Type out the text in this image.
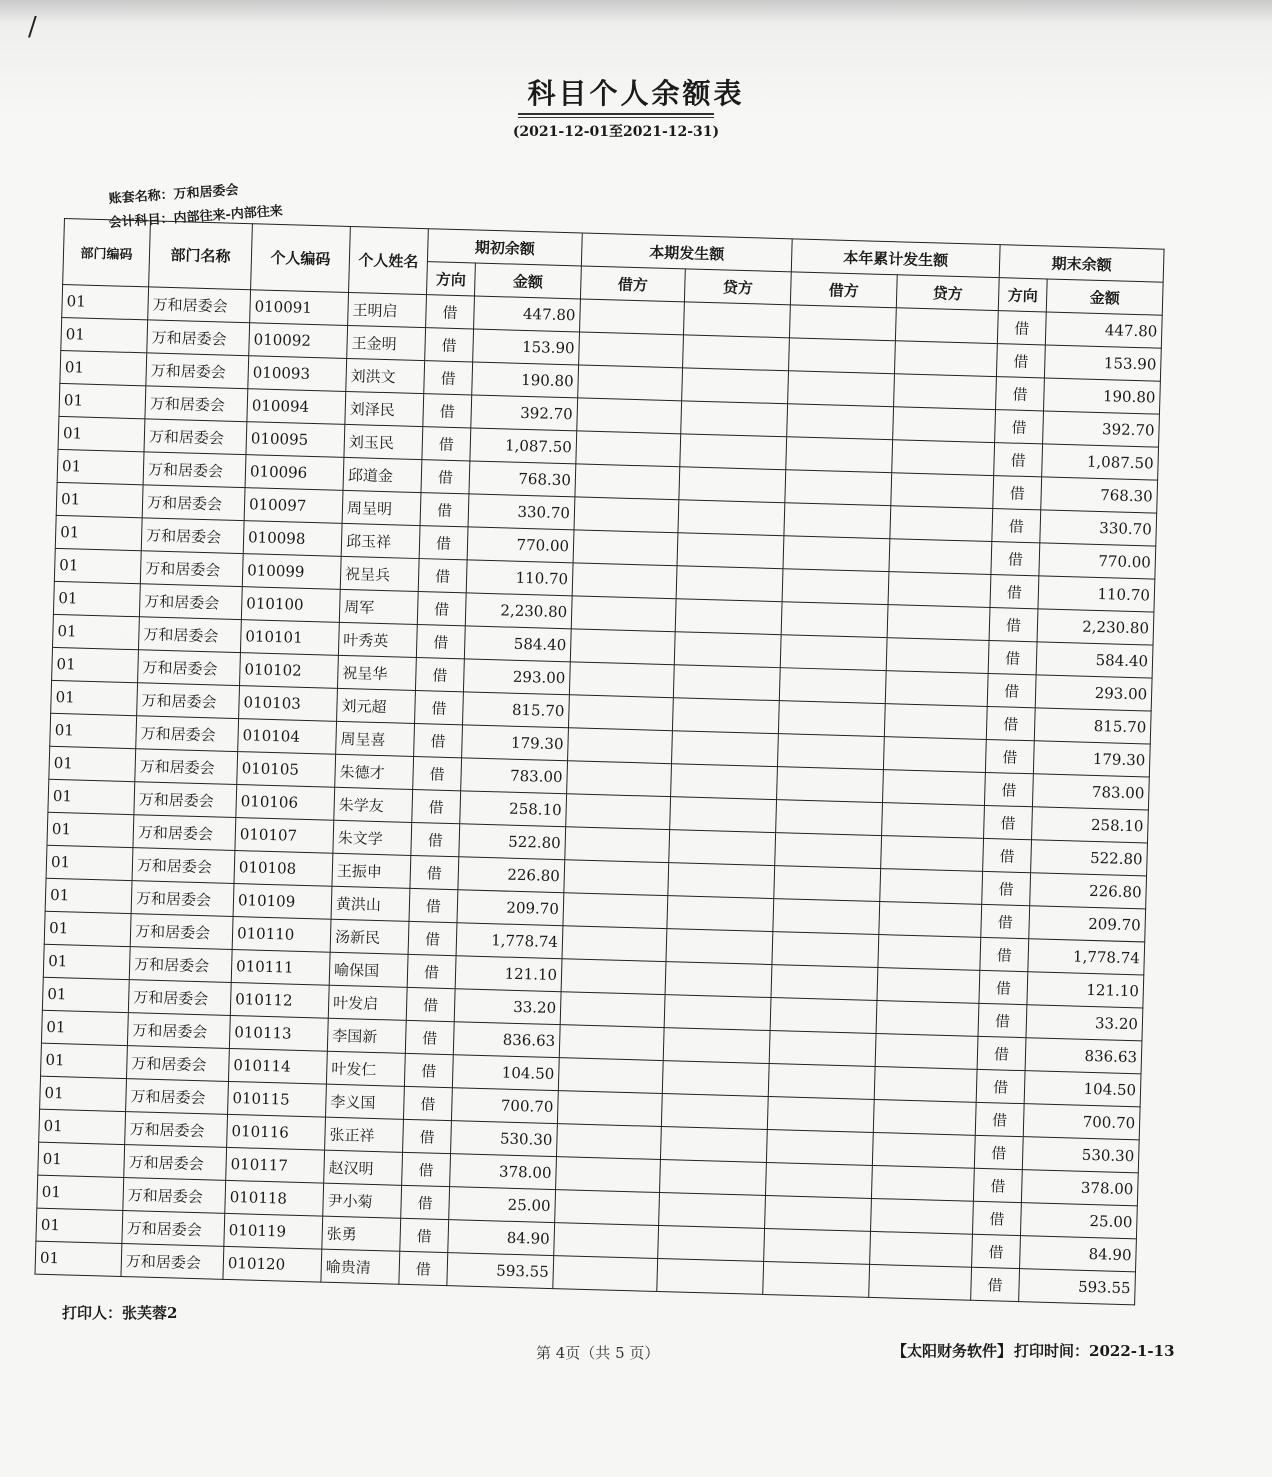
/
科目个人余额表
(2021-12-01至2021-12-31)
账套名称：万和居委会
会计科目：内部往来-内部往来
部门编码	部门名称	个人编码	个人姓名	期初余额		本期发生额		本年累计发生额		期末余额	
				方向	金额	借方	贷方	借方	贷方	方向	金额
01	万和居委会	010091	王明启	借	447.80					借	447.80
01	万和居委会	010092	王金明	借	153.90					借	153.90
01	万和居委会	010093	刘洪文	借	190.80					借	190.80
01	万和居委会	010094	刘泽民	借	392.70					借	392.70
01	万和居委会	010095	刘玉民	借	1,087.50					借	1,087.50
01	万和居委会	010096	邱道金	借	768.30					借	768.30
01	万和居委会	010097	周呈明	借	330.70					借	330.70
01	万和居委会	010098	邱玉祥	借	770.00					借	770.00
01	万和居委会	010099	祝呈兵	借	110.70					借	110.70
01	万和居委会	010100	周军	借	2,230.80					借	2,230.80
01	万和居委会	010101	叶秀英	借	584.40					借	584.40
01	万和居委会	010102	祝呈华	借	293.00					借	293.00
01	万和居委会	010103	刘元超	借	815.70					借	815.70
01	万和居委会	010104	周呈喜	借	179.30					借	179.30
01	万和居委会	010105	朱德才	借	783.00					借	783.00
01	万和居委会	010106	朱学友	借	258.10					借	258.10
01	万和居委会	010107	朱文学	借	522.80					借	522.80
01	万和居委会	010108	王振申	借	226.80					借	226.80
01	万和居委会	010109	黄洪山	借	209.70					借	209.70
01	万和居委会	010110	汤新民	借	1,778.74					借	1,778.74
01	万和居委会	010111	喻保国	借	121.10					借	121.10
01	万和居委会	010112	叶发启	借	33.20					借	33.20
01	万和居委会	010113	李国新	借	836.63					借	836.63
01	万和居委会	010114	叶发仁	借	104.50					借	104.50
01	万和居委会	010115	李义国	借	700.70					借	700.70
01	万和居委会	010116	张正祥	借	530.30					借	530.30
01	万和居委会	010117	赵汉明	借	378.00					借	378.00
01	万和居委会	010118	尹小菊	借	25.00					借	25.00
01	万和居委会	010119	张勇	借	84.90					借	84.90
01	万和居委会	010120	喻贵清	借	593.55					借	593.55
打印人：张芙蓉2
第 4页（共 5 页）	【太阳财务软件】 打印时间：2022-1-13
